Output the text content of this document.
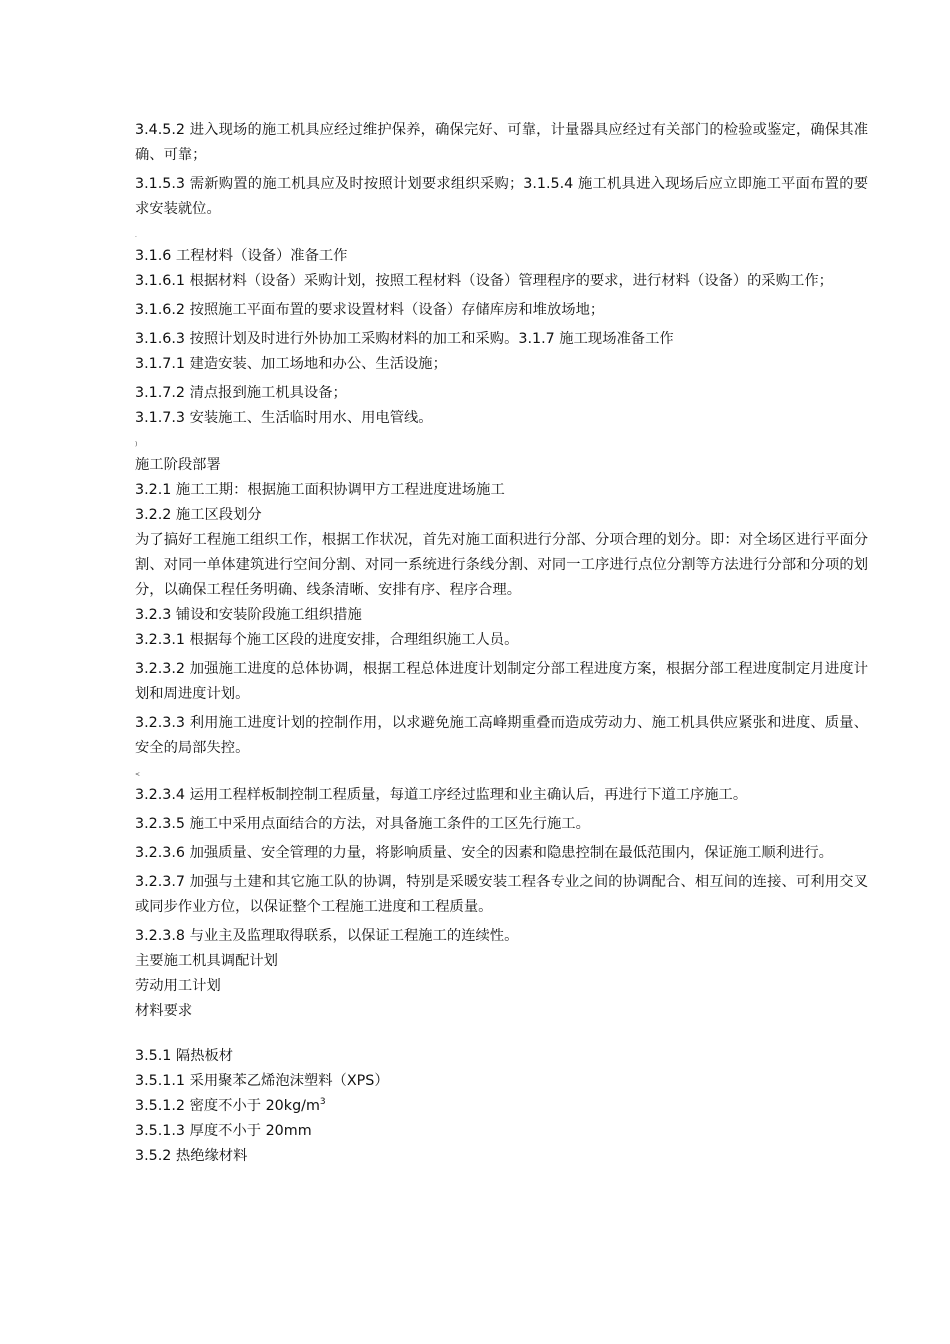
3.4.5.2 进入现场的施工机具应经过维护保养，确保完好、可靠，计量器具应经过有关部门的检验或鉴定，确保其准确、可靠；

3.1.5.3 需新购置的施工机具应及时按照计划要求组织采购；3.1.5.4 施工机具进入现场后应立即施工平面布置的要求安装就位。

.

3.1.6 工程材料（设备）准备工作

3.1.6.1 根据材料（设备）采购计划，按照工程材料（设备）管理程序的要求，进行材料（设备）的采购工作；

3.1.6.2 按照施工平面布置的要求设置材料（设备）存储库房和堆放场地；

3.1.6.3 按照计划及时进行外协加工采购材料的加工和采购。3.1.7 施工现场准备工作

3.1.7.1 建造安装、加工场地和办公、生活设施；

3.1.7.2 清点报到施工机具设备；

3.1.7.3 安装施工、生活临时用水、用电管线。

)

施工阶段部署

3.2.1 施工工期：根据施工面积协调甲方工程进度进场施工

3.2.2 施工区段划分

为了搞好工程施工组织工作，根据工作状况，首先对施工面积进行分部、分项合理的划分。即：对全场区进行平面分割、对同一单体建筑进行空间分割、对同一系统进行条线分割、对同一工序进行点位分割等方法进行分部和分项的划分，以确保工程任务明确、线条清晰、安排有序、程序合理。

3.2.3 铺设和安装阶段施工组织措施

3.2.3.1 根据每个施工区段的进度安排，合理组织施工人员。

3.2.3.2 加强施工进度的总体协调，根据工程总体进度计划制定分部工程进度方案，根据分部工程进度制定月进度计划和周进度计划。

3.2.3.3 利用施工进度计划的控制作用，以求避免施工高峰期重叠而造成劳动力、施工机具供应紧张和进度、质量、安全的局部失控。

<

3.2.3.4 运用工程样板制控制工程质量，每道工序经过监理和业主确认后，再进行下道工序施工。

3.2.3.5 施工中采用点面结合的方法，对具备施工条件的工区先行施工。

3.2.3.6 加强质量、安全管理的力量，将影响质量、安全的因素和隐患控制在最低范围内，保证施工顺利进行。

3.2.3.7 加强与土建和其它施工队的协调，特别是采暖安装工程各专业之间的协调配合、相互间的连接、可利用交叉或同步作业方位，以保证整个工程施工进度和工程质量。

3.2.3.8 与业主及监理取得联系，以保证工程施工的连续性。

主要施工机具调配计划

劳动用工计划

材料要求

3.5.1 隔热板材

3.5.1.1 采用聚苯乙烯泡沫塑料（XPS）

3.5.1.2 密度不小于 $20kg/m^3$

3.5.1.3 厚度不小于 20mm

3.5.2 热绝缘材料
